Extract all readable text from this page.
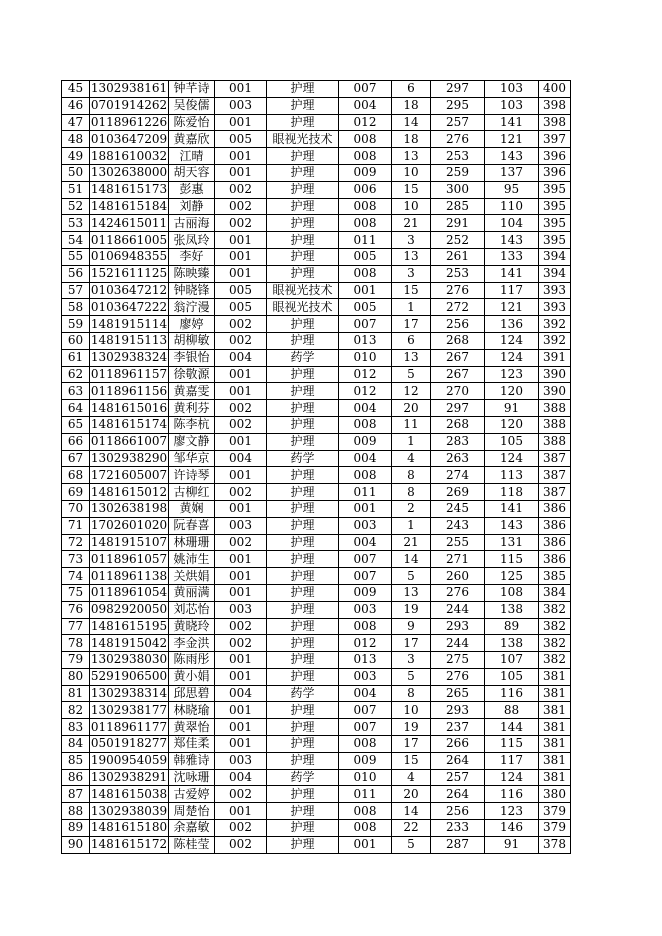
45	1302938161	钟芊诗	001	护理	007	6	297	103	400
46	0701914262	吴俊儒	003	护理	004	18	295	103	398
47	0118961226	陈爱怡	001	护理	012	14	257	141	398
48	0103647209	黄嘉欣	005	眼视光技术	008	18	276	121	397
49	1881610032	江晴	001	护理	008	13	253	143	396
50	1302638000	胡天容	001	护理	009	10	259	137	396
51	1481615173	彭惠	002	护理	006	15	300	95	395
52	1481615184	刘静	002	护理	008	10	285	110	395
53	1424615011	古丽海	002	护理	008	21	291	104	395
54	0118661005	张凤玲	001	护理	011	3	252	143	395
55	0106948355	李好	001	护理	005	13	261	133	394
56	1521611125	陈映臻	001	护理	008	3	253	141	394
57	0103647212	钟晓锋	005	眼视光技术	001	15	276	117	393
58	0103647222	翁泞漫	005	眼视光技术	005	1	272	121	393
59	1481915114	廖婷	002	护理	007	17	256	136	392
60	1481915113	胡柳敏	002	护理	013	6	268	124	392
61	1302938324	李银怡	004	药学	010	13	267	124	391
62	0118961157	徐敬源	001	护理	012	5	267	123	390
63	0118961156	黄嘉雯	001	护理	012	12	270	120	390
64	1481615016	黄利芬	002	护理	004	20	297	91	388
65	1481615174	陈李杭	002	护理	008	11	268	120	388
66	0118661007	廖文静	001	护理	009	1	283	105	388
67	1302938290	邹华京	004	药学	004	4	263	124	387
68	1721605007	许诗琴	001	护理	008	8	274	113	387
69	1481615012	古柳红	002	护理	011	8	269	118	387
70	1302638198	黄娴	001	护理	001	2	245	141	386
71	1702601020	阮春喜	003	护理	003	1	243	143	386
72	1481915107	林珊珊	002	护理	004	21	255	131	386
73	0118961057	姚沛生	001	护理	007	14	271	115	386
74	0118961138	关烘娟	001	护理	007	5	260	125	385
75	0118961054	黄丽满	001	护理	009	13	276	108	384
76	0982920050	刘芯怡	003	护理	003	19	244	138	382
77	1481615195	黄晓玲	002	护理	008	9	293	89	382
78	1481915042	李金洪	002	护理	012	17	244	138	382
79	1302938030	陈雨彤	001	护理	013	3	275	107	382
80	5291906500	黄小娟	001	护理	003	5	276	105	381
81	1302938314	邱思碧	004	药学	004	8	265	116	381
82	1302938177	林晓瑜	001	护理	007	10	293	88	381
83	0118961177	黄翠怡	001	护理	007	19	237	144	381
84	0501918277	郑佳柔	001	护理	008	17	266	115	381
85	1900954059	韩雅诗	003	护理	009	15	264	117	381
86	1302938291	沈咏珊	004	药学	010	4	257	124	381
87	1481615038	古爱婷	002	护理	011	20	264	116	380
88	1302938039	周楚怡	001	护理	008	14	256	123	379
89	1481615180	余嘉敏	002	护理	008	22	233	146	379
90	1481615172	陈桂莹	002	护理	001	5	287	91	378
